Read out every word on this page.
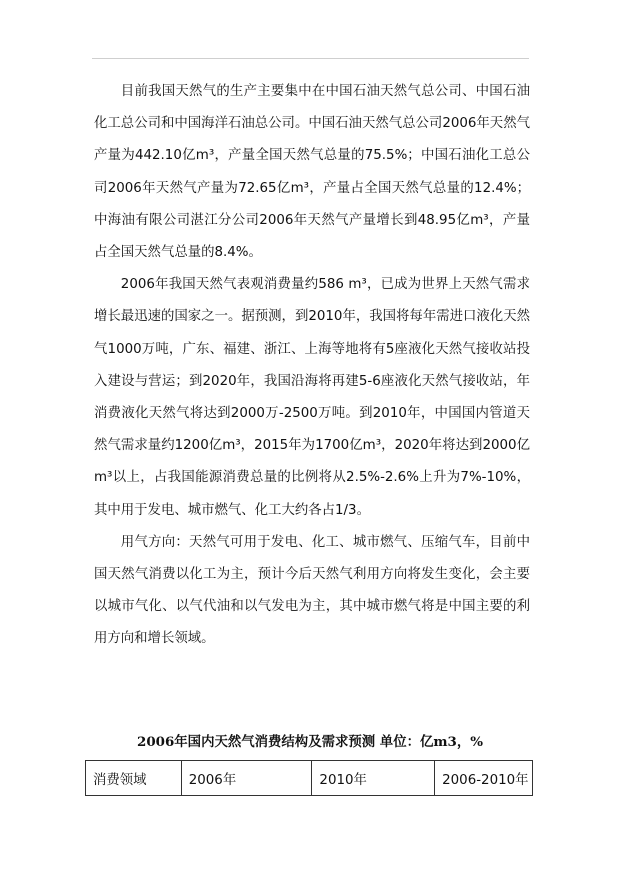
目前我国天然气的生产主要集中在中国石油天然气总公司、中国石油化工总公司和中国海洋石油总公司。中国石油天然气总公司2006年天然气产量为442.10亿m³，产量全国天然气总量的75.5%；中国石油化工总公司2006年天然气产量为72.65亿m³，产量占全国天然气总量的12.4%；中海油有限公司湛江分公司2006年天然气产量增长到48.95亿m³，产量占全国天然气总量的8.4%。

2006年我国天然气表观消费量约586 m³，已成为世界上天然气需求增长最迅速的国家之一。据预测，到2010年，我国将每年需进口液化天然气1000万吨，广东、福建、浙江、上海等地将有5座液化天然气接收站投入建设与营运；到2020年，我国沿海将再建5-6座液化天然气接收站，年消费液化天然气将达到2000万-2500万吨。到2010年，中国国内管道天然气需求量约1200亿m³，2015年为1700亿m³，2020年将达到2000亿m³以上，占我国能源消费总量的比例将从2.5%-2.6%上升为7%-10%，其中用于发电、城市燃气、化工大约各占1/3。

用气方向：天然气可用于发电、化工、城市燃气、压缩气车，目前中国天然气消费以化工为主，预计今后天然气利用方向将发生变化，会主要以城市气化、以气代油和以气发电为主，其中城市燃气将是中国主要的利用方向和增长领域。

2006年国内天然气消费结构及需求预测 单位：亿m3，%
消费领域	2006年	2010年	2006-2010年
